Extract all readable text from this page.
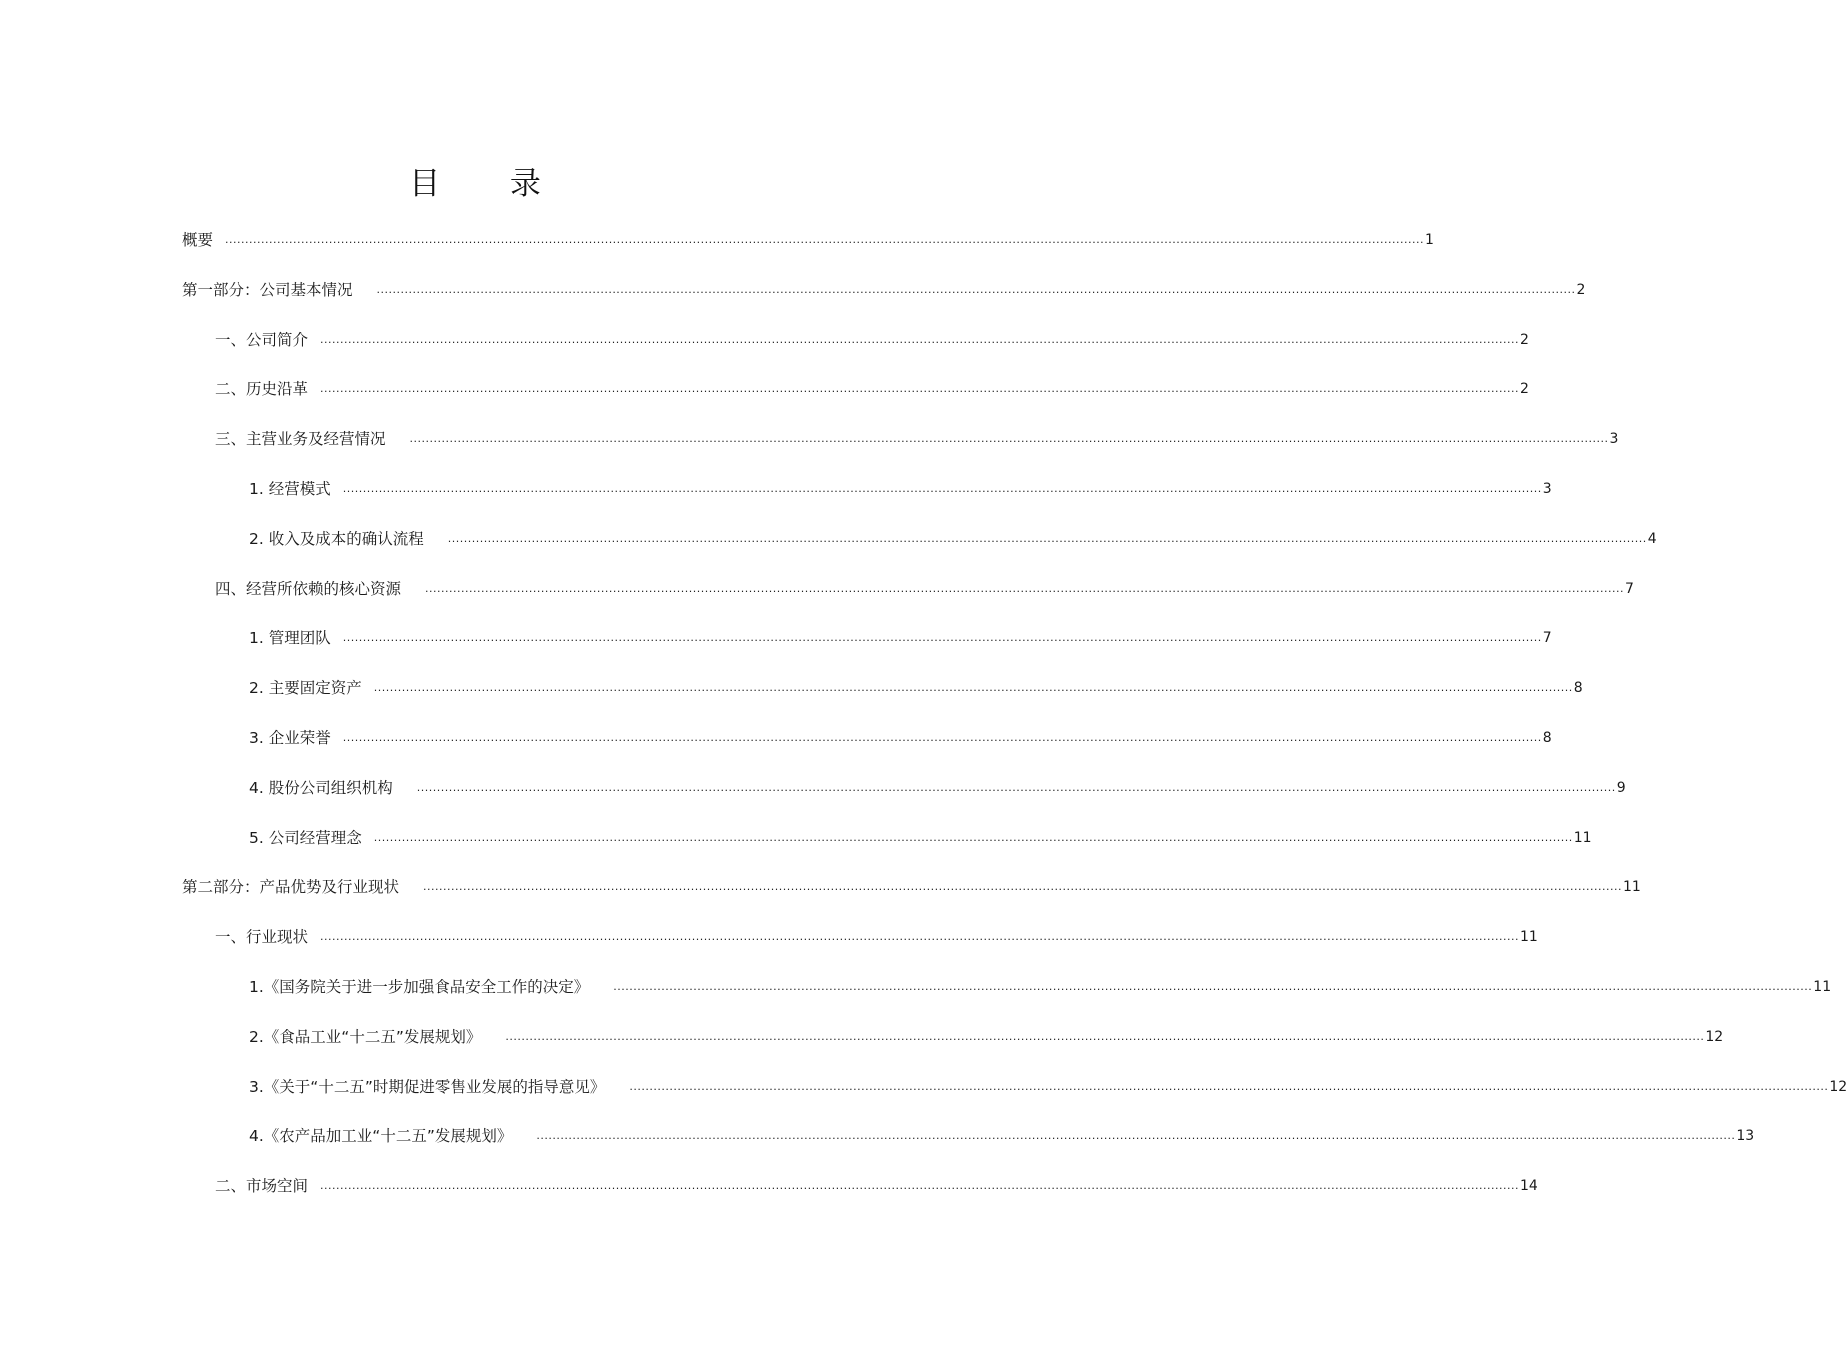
目 录
概要	............................................................................................................................................................................................................................................................................................................ 1
第一部分：公司基本情况	............................................................................................................................................................................................................................................................................................................ 2
一、公司简介	............................................................................................................................................................................................................................................................................................................ 2
二、历史沿革	............................................................................................................................................................................................................................................................................................................ 2
三、主营业务及经营情况	............................................................................................................................................................................................................................................................................................................ 3
1. 经营模式	............................................................................................................................................................................................................................................................................................................ 3
2. 收入及成本的确认流程	............................................................................................................................................................................................................................................................................................................ 4
四、经营所依赖的核心资源	............................................................................................................................................................................................................................................................................................................ 7
1. 管理团队	............................................................................................................................................................................................................................................................................................................ 7
2. 主要固定资产	............................................................................................................................................................................................................................................................................................................ 8
3. 企业荣誉	............................................................................................................................................................................................................................................................................................................ 8
4. 股份公司组织机构	............................................................................................................................................................................................................................................................................................................ 9
5. 公司经营理念	............................................................................................................................................................................................................................................................................................................ 11
第二部分：产品优势及行业现状	............................................................................................................................................................................................................................................................................................................ 11
一、行业现状	............................................................................................................................................................................................................................................................................................................ 11
1.《国务院关于进一步加强食品安全工作的决定》	............................................................................................................................................................................................................................................................................................................ 11
2.《食品工业“十二五”发展规划》	............................................................................................................................................................................................................................................................................................................ 12
3.《关于“十二五”时期促进零售业发展的指导意见》	............................................................................................................................................................................................................................................................................................................ 12
4.《农产品加工业“十二五”发展规划》	............................................................................................................................................................................................................................................................................................................ 13
二、市场空间	............................................................................................................................................................................................................................................................................................................ 14
